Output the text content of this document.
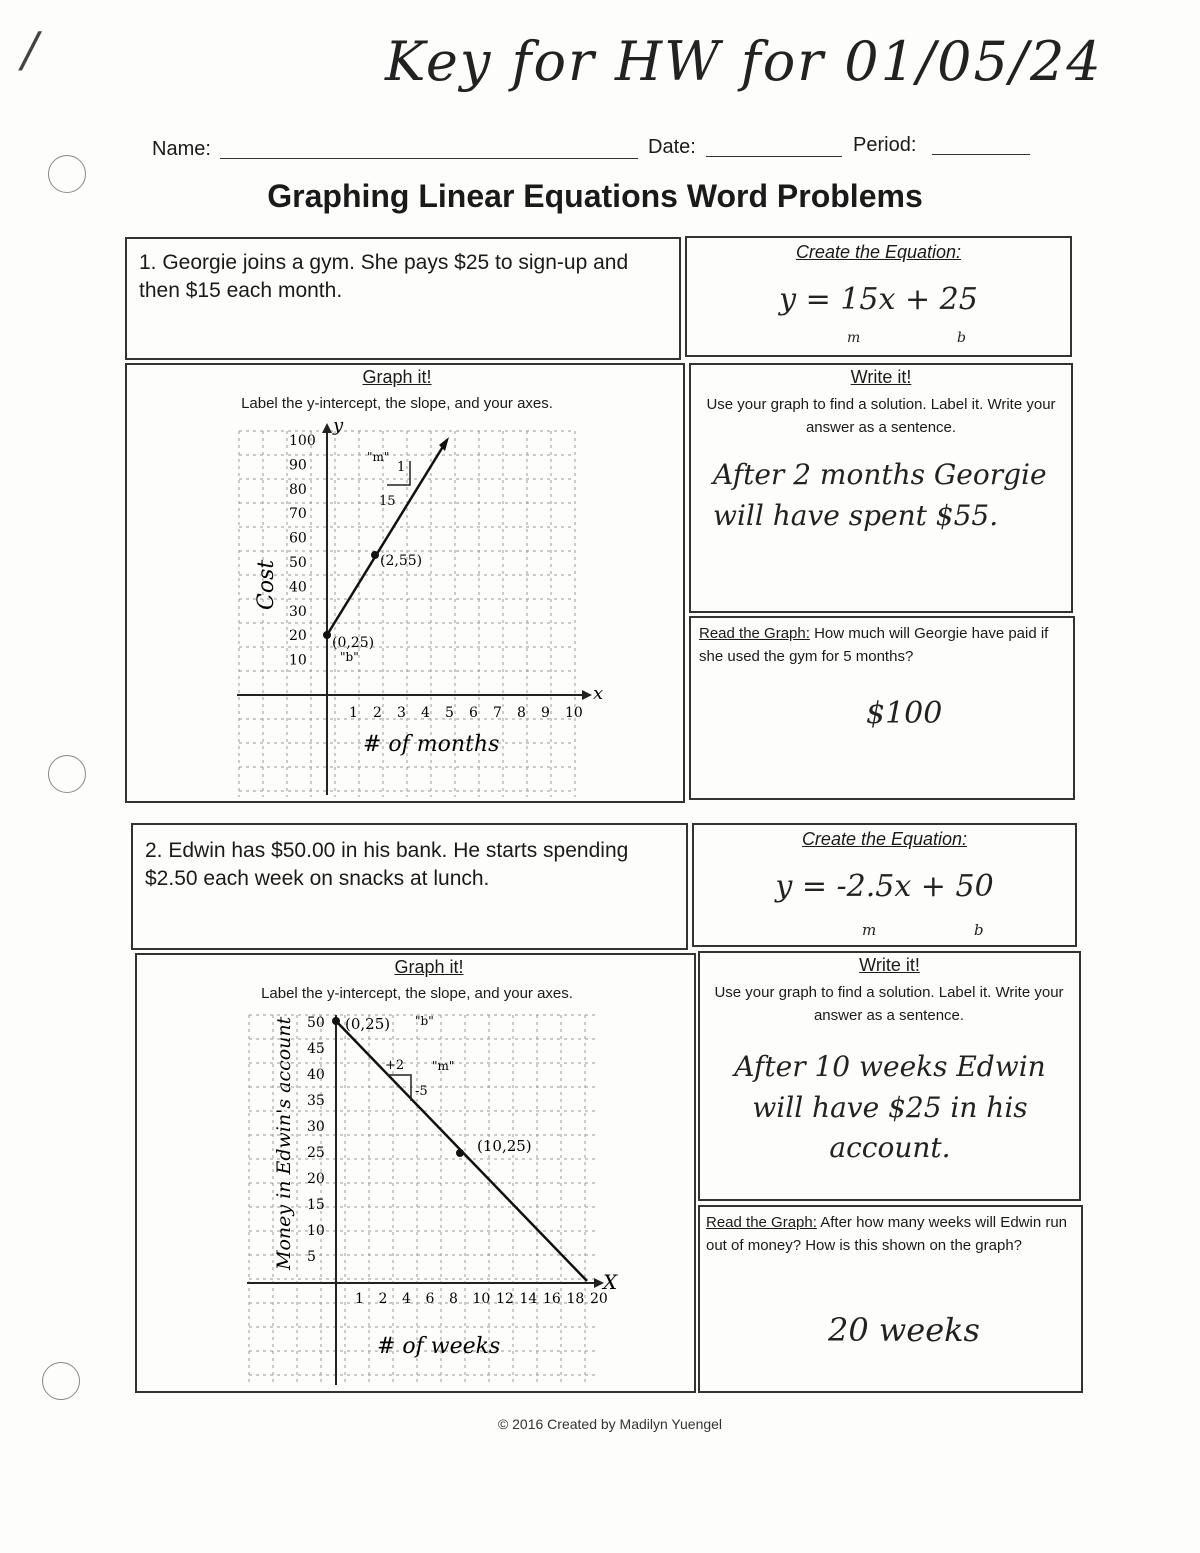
/	Key for HW for 01/05/24
Name:	Date:	Period:
Graphing Linear Equations Word Problems
1. Georgie joins a gym. She pays $25 to sign-up and then $15 each month.
Create the Equation:
y = 15x + 25
m	b
Graph it!
Label the y-intercept, the slope, and your axes.
x
y
100
90
80
70
60
50
40
30
20
10
1 2 3 4 5 6 7 8 9 10
(2,55)
(0,25)
"b"
"m"
15
1
Cost
# of months
Write it!
Use your graph to find a solution. Label it. Write your answer as a sentence.
After 2 months Georgie will have spent $55.
Read the Graph: How much will Georgie have paid if she used the gym for 5 months?
$100
2. Edwin has $50.00 in his bank. He starts spending $2.50 each week on snacks at lunch.
Create the Equation:
y = -2.5x + 50
m	b
Graph it!
Label the y-intercept, the slope, and your axes.
X
50
45
40
35
30
25
20
15
10
5
1 2 4 6 8 10 12 14 16 18 20
(0,25) "b"
"m"
(10,25)
+2
-5
Money in Edwin's account
# of weeks
Write it!
Use your graph to find a solution. Label it. Write your answer as a sentence.
After 10 weeks Edwin will have $25 in his account.
Read the Graph: After how many weeks will Edwin run out of money? How is this shown on the graph?
20 weeks
© 2016 Created by Madilyn Yuengel
